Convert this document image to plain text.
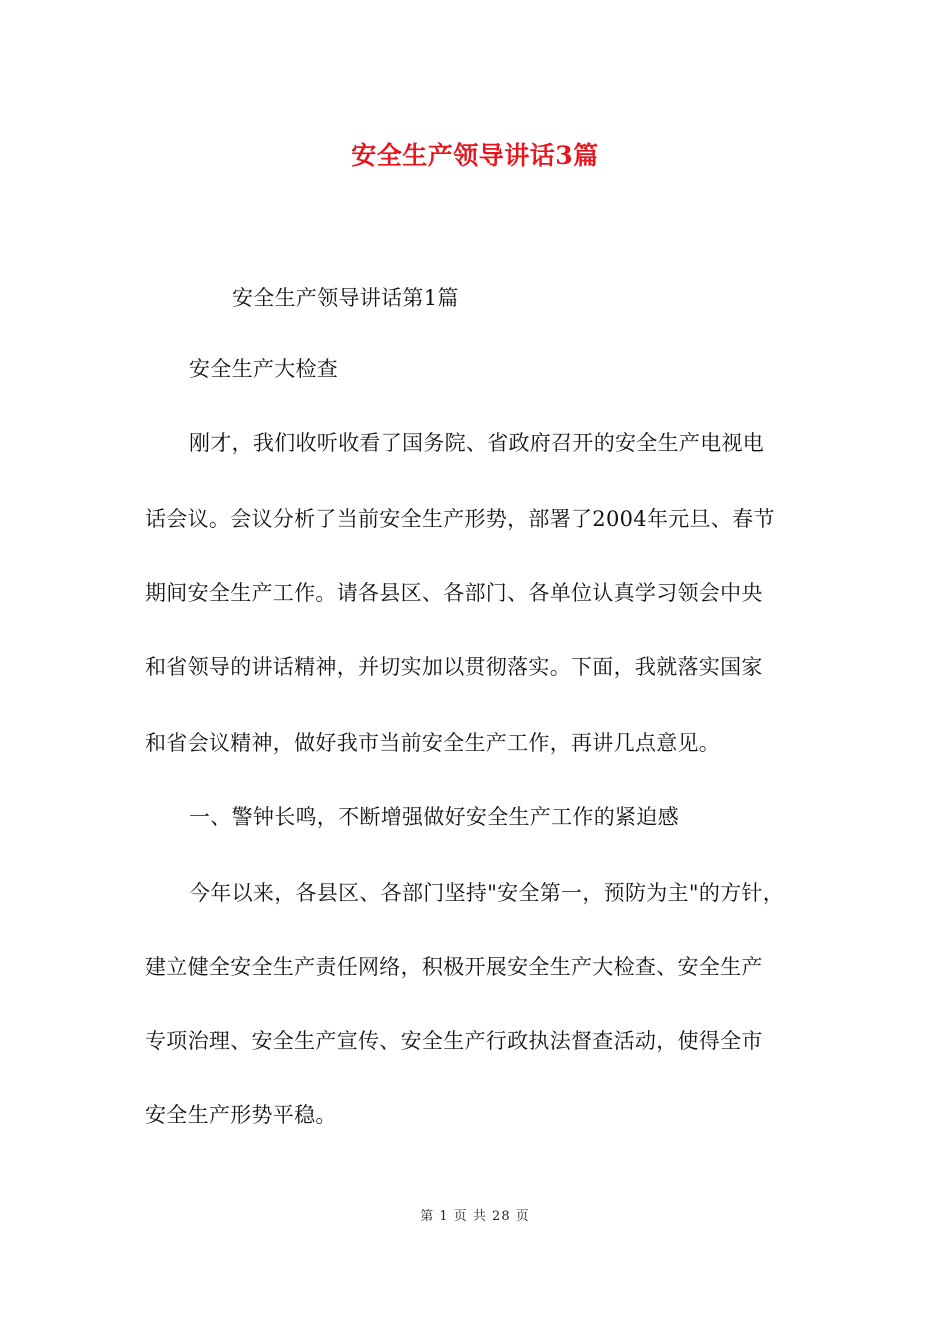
安全生产领导讲话3篇
安全生产领导讲话第1篇
安全生产大检查
刚才，我们收听收看了国务院、省政府召开的安全生产电视电
话会议。会议分析了当前安全生产形势，部署了2004年元旦、春节
期间安全生产工作。请各县区、各部门、各单位认真学习领会中央
和省领导的讲话精神，并切实加以贯彻落实。下面，我就落实国家
和省会议精神，做好我市当前安全生产工作，再讲几点意见。
一、警钟长鸣，不断增强做好安全生产工作的紧迫感
今年以来，各县区、各部门坚持"安全第一，预防为主"的方针，
建立健全安全生产责任网络，积极开展安全生产大检查、安全生产
专项治理、安全生产宣传、安全生产行政执法督查活动，使得全市
安全生产形势平稳。
第 1 页 共 28 页
